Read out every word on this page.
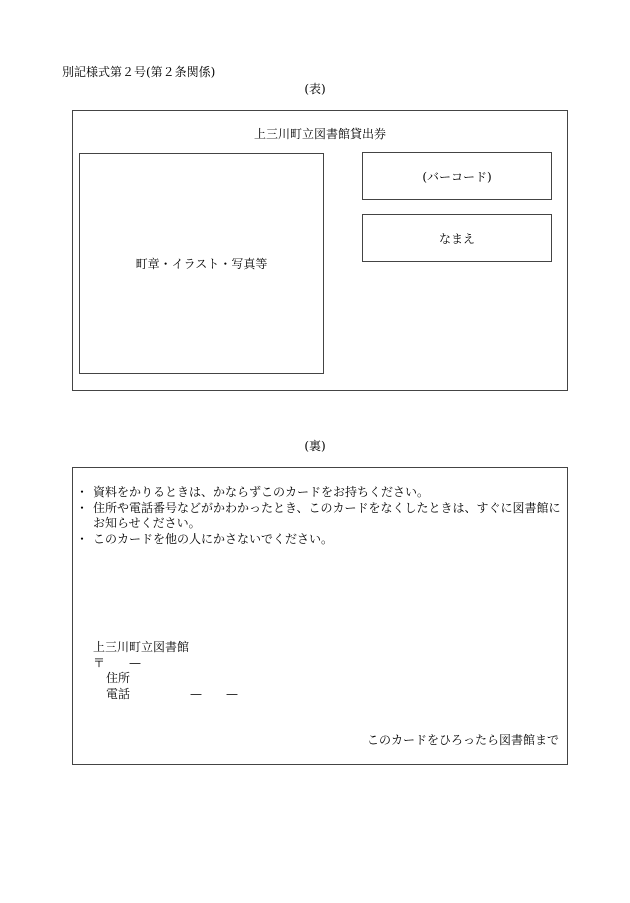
別記様式第２号(第２条関係)
(表)
上三川町立図書館貸出券
町章・イラスト・写真等
(バーコード)
なまえ
(裏)
・ 資料をかりるときは、かならずこのカードをお持ちください。
・ 住所や電話番号などがかわかったとき、このカードをなくしたときは、すぐに図書館にお知らせください。
・ このカードを他の人にかさないでください。
上三川町立図書館
〒　　—
住所
電話　　　　　—　　—
このカードをひろったら図書館まで
